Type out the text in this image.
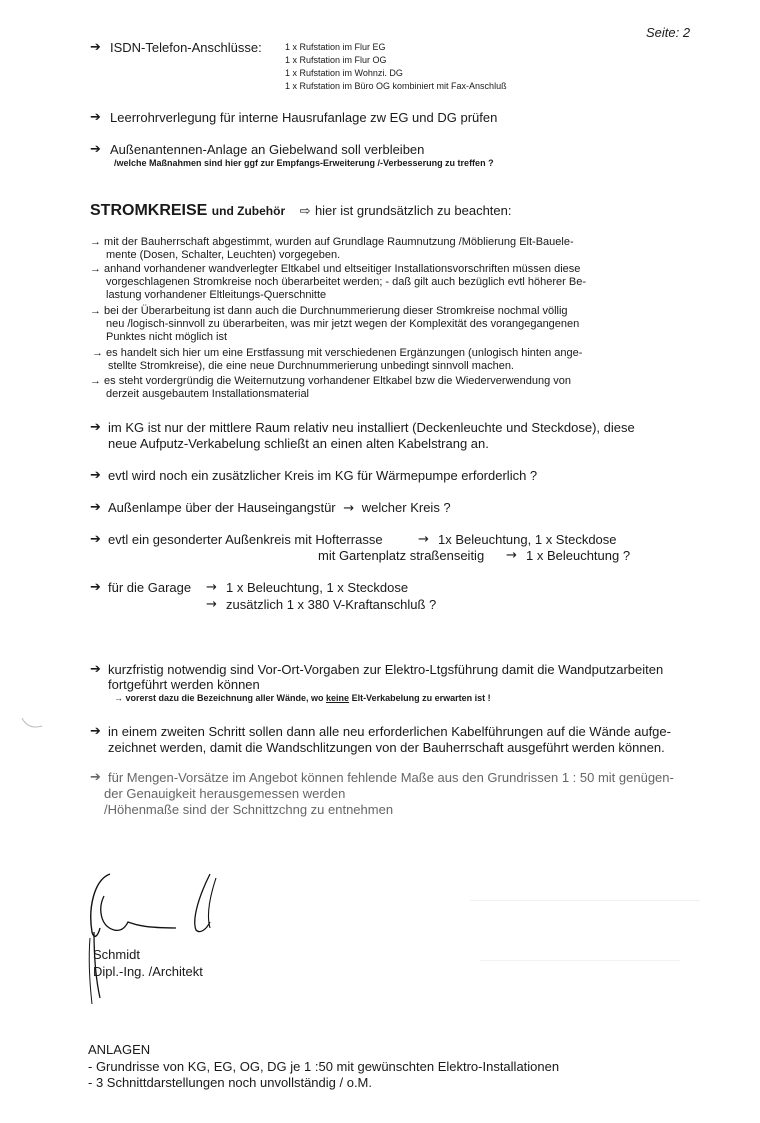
Seite: 2
➔ ISDN-Telefon-Anschlüsse:	1 x Rufstation im Flur EG
1 x Rufstation im Flur OG
1 x Rufstation im Wohnzi. DG
1 x Rufstation im Büro OG kombiniert mit Fax-Anschluß
➔ Leerrohrverlegung für interne Hausrufanlage zw EG und DG prüfen
➔ Außenantennen-Anlage an Giebelwand soll verbleiben
/welche Maßnahmen sind hier ggf zur Empfangs-Erweiterung /-Verbesserung zu treffen ?
STROMKREISE und Zubehör ⇨ hier ist grundsätzlich zu beachten:
→ mit der Bauherrschaft abgestimmt, wurden auf Grundlage Raumnutzung /Möblierung Elt-Bauele-
mente (Dosen, Schalter, Leuchten) vorgegeben.
→ anhand vorhandener wandverlegter Eltkabel und eltseitiger Installationsvorschriften müssen diese
vorgeschlagenen Stromkreise noch überarbeitet werden; - daß gilt auch bezüglich evtl höherer Be-
lastung vorhandener Eltleitungs-Querschnitte
→ bei der Überarbeitung ist dann auch die Durchnummerierung dieser Stromkreise nochmal völlig
neu /logisch-sinnvoll zu überarbeiten, was mir jetzt wegen der Komplexität des vorangegangenen
Punktes nicht möglich ist
→ es handelt sich hier um eine Erstfassung mit verschiedenen Ergänzungen (unlogisch hinten ange-
stellte Stromkreise), die eine neue Durchnummerierung unbedingt sinnvoll machen.
→ es steht vordergründig die Weiternutzung vorhandener Eltkabel bzw die Wiederverwendung von
derzeit ausgebautem Installationsmaterial
➔ im KG ist nur der mittlere Raum relativ neu installiert (Deckenleuchte und Steckdose), diese
neue Aufputz-Verkabelung schließt an einen alten Kabelstrang an.
➔ evtl wird noch ein zusätzlicher Kreis im KG für Wärmepumpe erforderlich ?
➔ Außenlampe über der Hauseingangstür → welcher Kreis ?
➔ evtl ein gesonderter Außenkreis mit Hofterrasse	→ 1x Beleuchtung, 1 x Steckdose
mit Gartenplatz straßenseitig → 1 x Beleuchtung ?
➔ für die Garage → 1 x Beleuchtung, 1 x Steckdose
→ zusätzlich 1 x 380 V-Kraftanschluß ?
➔ kurzfristig notwendig sind Vor-Ort-Vorgaben zur Elektro-Ltgsführung damit die Wandputzarbeiten
fortgeführt werden können
→ vorerst dazu die Bezeichnung aller Wände, wo keine Elt-Verkabelung zu erwarten ist !
➔ in einem zweiten Schritt sollen dann alle neu erforderlichen Kabelführungen auf die Wände aufge-
zeichnet werden, damit die Wandschlitzungen von der Bauherrschaft ausgeführt werden können.
➔ für Mengen-Vorsätze im Angebot können fehlende Maße aus den Grundrissen 1 : 50 mit genügen-
der Genauigkeit herausgemessen werden
/Höhenmaße sind der Schnittzchng zu entnehmen
Schmidt
Dipl.-Ing. /Architekt
ANLAGEN
- Grundrisse von KG, EG, OG, DG je 1 :50 mit gewünschten Elektro-Installationen
- 3 Schnittdarstellungen noch unvollständig / o.M.
